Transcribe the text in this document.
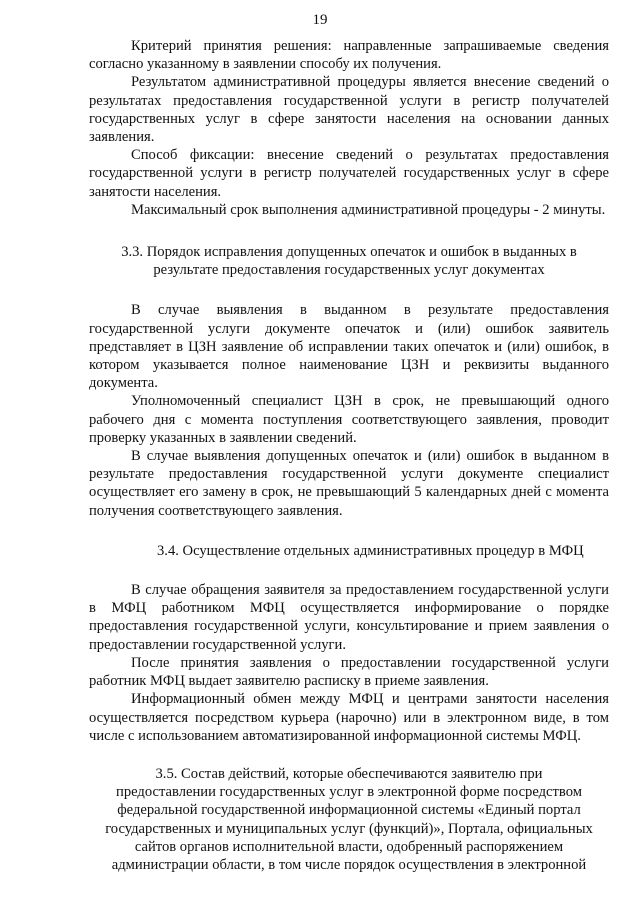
19

Критерий принятия решения: направленные запрашиваемые сведения согласно указанному в заявлении способу их получения.

Результатом административной процедуры является внесение сведений о результатах предоставления государственной услуги в регистр получателей государственных услуг в сфере занятости населения на основании данных заявления.

Способ фиксации: внесение сведений о результатах предоставления государственной услуги в регистр получателей государственных услуг в сфере занятости населения.

Максимальный срок выполнения административной процедуры - 2 минуты.

3.3. Порядок исправления допущенных опечаток и ошибок в выданных в результате предоставления государственных услуг документах

В случае выявления в выданном в результате предоставления государственной услуги документе опечаток и (или) ошибок заявитель представляет в ЦЗН заявление об исправлении таких опечаток и (или) ошибок, в котором указывается полное наименование ЦЗН и реквизиты выданного документа.

Уполномоченный специалист ЦЗН в срок, не превышающий одного рабочего дня с момента поступления соответствующего заявления, проводит проверку указанных в заявлении сведений.

В случае выявления допущенных опечаток и (или) ошибок в выданном в результате предоставления государственной услуги документе специалист осуществляет его замену в срок, не превышающий 5 календарных дней с момента получения соответствующего заявления.

3.4. Осуществление отдельных административных процедур в МФЦ

В случае обращения заявителя за предоставлением государственной услуги в МФЦ работником МФЦ осуществляется информирование о порядке предоставления государственной услуги, консультирование и прием заявления о предоставлении государственной услуги.

После принятия заявления о предоставлении государственной услуги работник МФЦ выдает заявителю расписку в приеме заявления.

Информационный обмен между МФЦ и центрами занятости населения осуществляется посредством курьера (нарочно) или в электронном виде, в том числе с использованием автоматизированной информационной системы МФЦ.

3.5. Состав действий, которые обеспечиваются заявителю при

предоставлении государственных услуг в электронной форме посредством

федеральной государственной информационной системы «Единый портал

государственных и муниципальных услуг (функций)», Портала, официальных

сайтов органов исполнительной власти, одобренный распоряжением

администрации области, в том числе порядок осуществления в электронной
